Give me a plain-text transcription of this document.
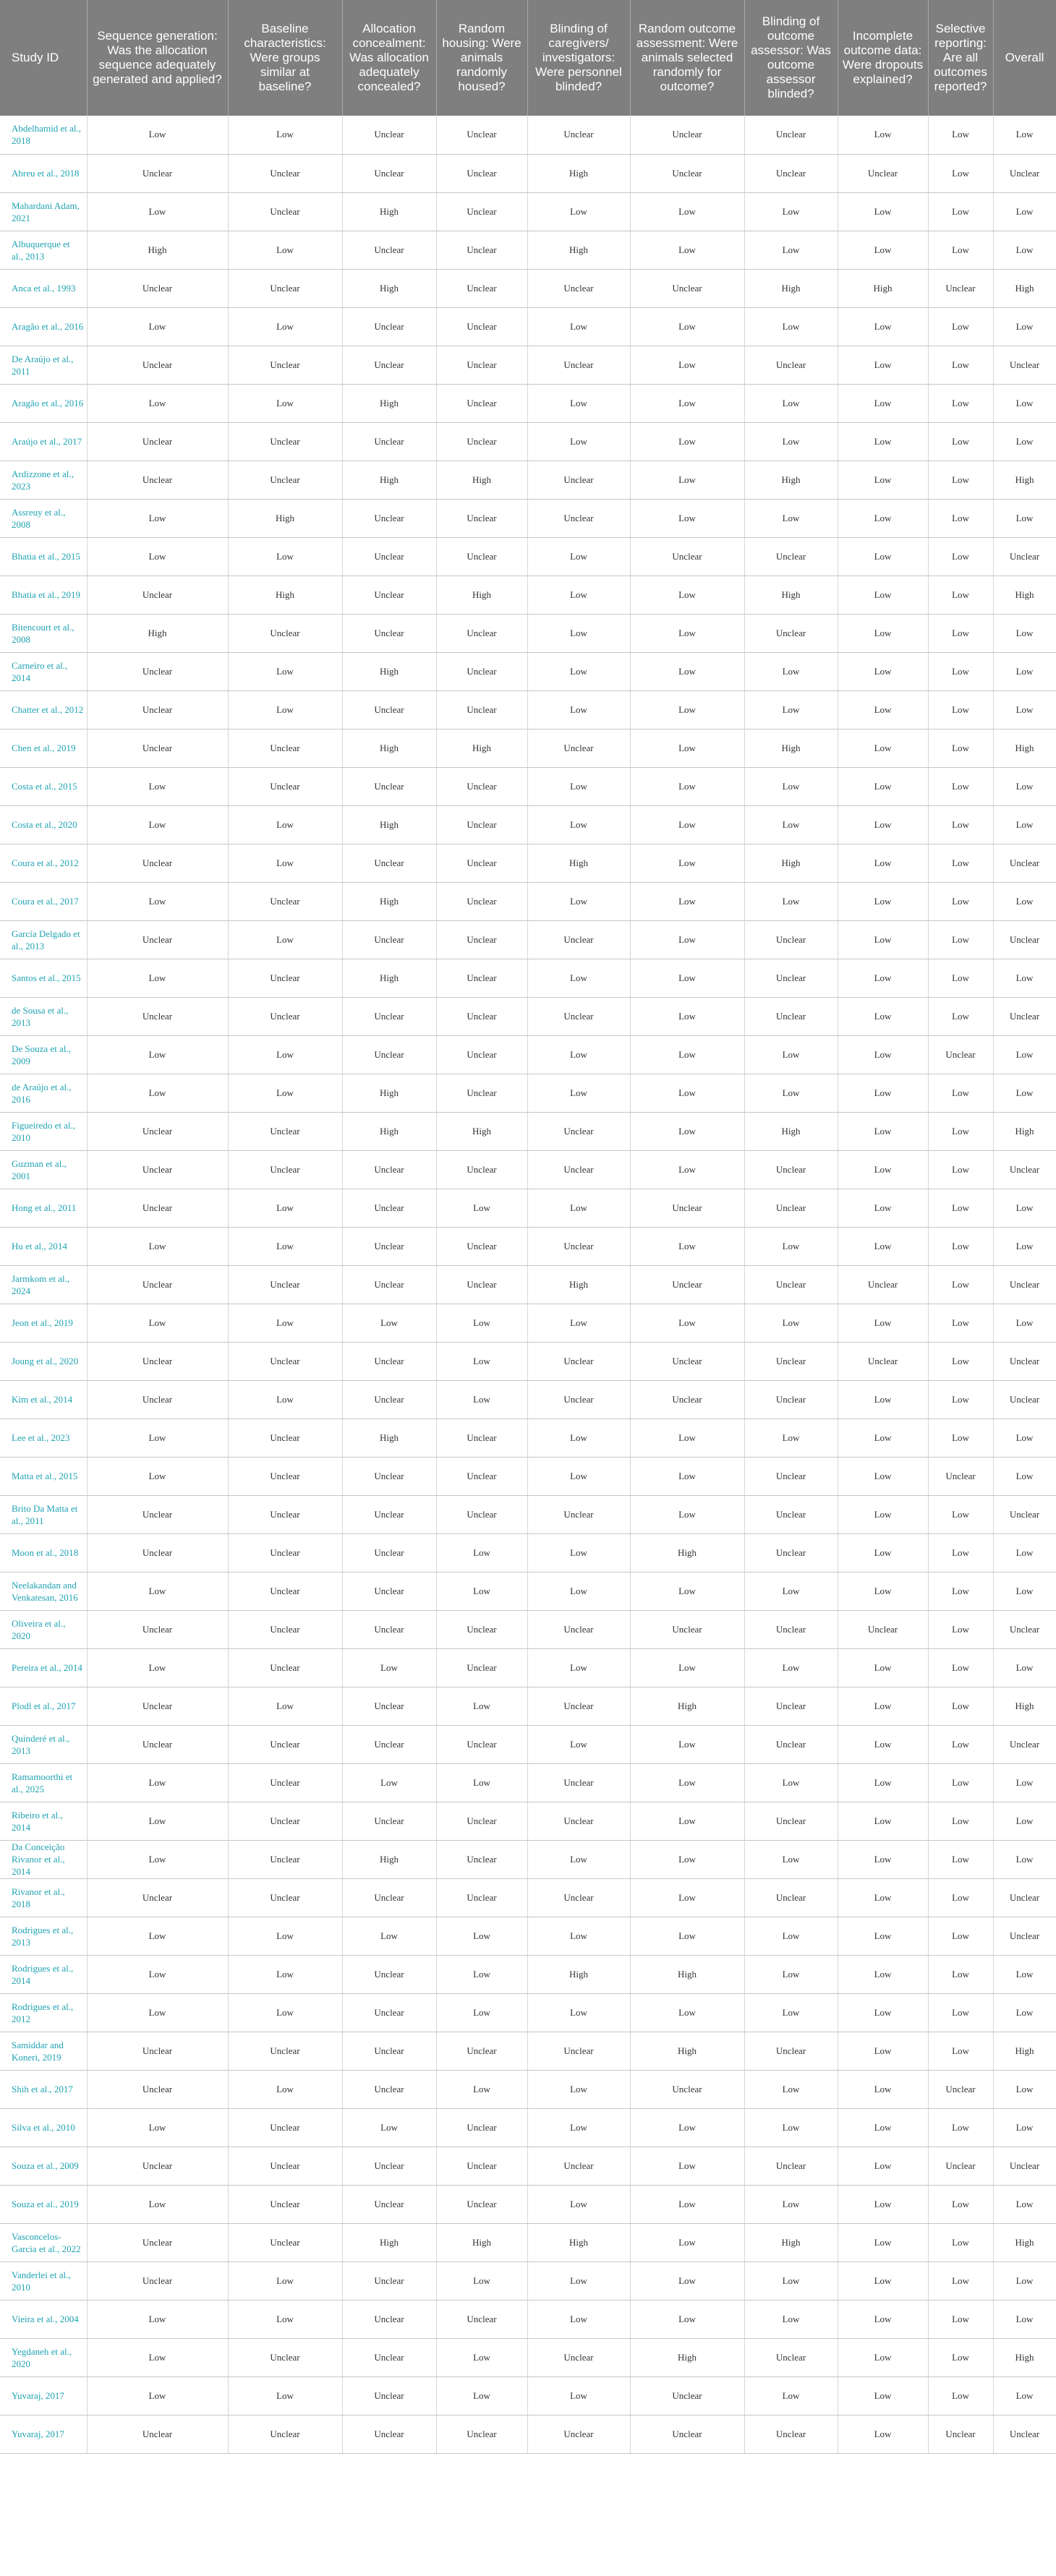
Study ID	Sequence generation: Was the allocation sequence adequately generated and applied?	Baseline characteristics: Were groups similar at baseline?	Allocation concealment: Was allocation adequately concealed?	Random housing: Were animals randomly housed?	Blinding of caregivers/ investigators: Were personnel blinded?	Random outcome assessment: Were animals selected randomly for outcome?	Blinding of outcome assessor: Was outcome assessor blinded?	Incomplete outcome data: Were dropouts explained?	Selective reporting: Are all outcomes reported?	Overall
Abdelhamid et al., 2018	Low	Low	Unclear	Unclear	Unclear	Unclear	Unclear	Low	Low	Low
Abreu et al., 2018	Unclear	Unclear	Unclear	Unclear	High	Unclear	Unclear	Unclear	Low	Unclear
Mahardani Adam, 2021	Low	Unclear	High	Unclear	Low	Low	Low	Low	Low	Low
Albuquerque et al., 2013	High	Low	Unclear	Unclear	High	Low	Low	Low	Low	Low
Anca et al., 1993	Unclear	Unclear	High	Unclear	Unclear	Unclear	High	High	Unclear	High
Aragão et al., 2016	Low	Low	Unclear	Unclear	Low	Low	Low	Low	Low	Low
De Araújo et al., 2011	Unclear	Unclear	Unclear	Unclear	Unclear	Low	Unclear	Low	Low	Unclear
Aragão et al., 2016	Low	Low	High	Unclear	Low	Low	Low	Low	Low	Low
Araújo et al., 2017	Unclear	Unclear	Unclear	Unclear	Low	Low	Low	Low	Low	Low
Ardizzone et al., 2023	Unclear	Unclear	High	High	Unclear	Low	High	Low	Low	High
Assreuy et al., 2008	Low	High	Unclear	Unclear	Unclear	Low	Low	Low	Low	Low
Bhatia et al., 2015	Low	Low	Unclear	Unclear	Low	Unclear	Unclear	Low	Low	Unclear
Bhatia et al., 2019	Unclear	High	Unclear	High	Low	Low	High	Low	Low	High
Bitencourt et al., 2008	High	Unclear	Unclear	Unclear	Low	Low	Unclear	Low	Low	Low
Carneiro et al., 2014	Unclear	Low	High	Unclear	Low	Low	Low	Low	Low	Low
Chatter et al., 2012	Unclear	Low	Unclear	Unclear	Low	Low	Low	Low	Low	Low
Chen et al., 2019	Unclear	Unclear	High	High	Unclear	Low	High	Low	Low	High
Costa et al., 2015	Low	Unclear	Unclear	Unclear	Low	Low	Low	Low	Low	Low
Costa et al., 2020	Low	Low	High	Unclear	Low	Low	Low	Low	Low	Low
Coura et al., 2012	Unclear	Low	Unclear	Unclear	High	Low	High	Low	Low	Unclear
Coura et al., 2017	Low	Unclear	High	Unclear	Low	Low	Low	Low	Low	Low
García Delgado et al., 2013	Unclear	Low	Unclear	Unclear	Unclear	Low	Unclear	Low	Low	Unclear
Santos et al., 2015	Low	Unclear	High	Unclear	Low	Low	Unclear	Low	Low	Low
de Sousa et al., 2013	Unclear	Unclear	Unclear	Unclear	Unclear	Low	Unclear	Low	Low	Unclear
De Souza et al., 2009	Low	Low	Unclear	Unclear	Low	Low	Low	Low	Unclear	Low
de Araújo et al., 2016	Low	Low	High	Unclear	Low	Low	Low	Low	Low	Low
Figueiredo et al., 2010	Unclear	Unclear	High	High	Unclear	Low	High	Low	Low	High
Guzman et al., 2001	Unclear	Unclear	Unclear	Unclear	Unclear	Low	Unclear	Low	Low	Unclear
Hong et al., 2011	Unclear	Low	Unclear	Low	Low	Unclear	Unclear	Low	Low	Low
Hu et al., 2014	Low	Low	Unclear	Unclear	Unclear	Low	Low	Low	Low	Low
Jarmkom et al., 2024	Unclear	Unclear	Unclear	Unclear	High	Unclear	Unclear	Unclear	Low	Unclear
Jeon et al., 2019	Low	Low	Low	Low	Low	Low	Low	Low	Low	Low
Joung et al., 2020	Unclear	Unclear	Unclear	Low	Unclear	Unclear	Unclear	Unclear	Low	Unclear
Kim et al., 2014	Unclear	Low	Unclear	Low	Unclear	Unclear	Unclear	Low	Low	Unclear
Lee et al., 2023	Low	Unclear	High	Unclear	Low	Low	Low	Low	Low	Low
Matta et al., 2015	Low	Unclear	Unclear	Unclear	Low	Low	Unclear	Low	Unclear	Low
Brito Da Matta et al., 2011	Unclear	Unclear	Unclear	Unclear	Unclear	Low	Unclear	Low	Low	Unclear
Moon et al., 2018	Unclear	Unclear	Unclear	Low	Low	High	Unclear	Low	Low	Low
Neelakandan and Venkatesan, 2016	Low	Unclear	Unclear	Low	Low	Low	Low	Low	Low	Low
Oliveira et al., 2020	Unclear	Unclear	Unclear	Unclear	Unclear	Unclear	Unclear	Unclear	Low	Unclear
Pereira et al., 2014	Low	Unclear	Low	Unclear	Low	Low	Low	Low	Low	Low
Plodl et al., 2017	Unclear	Low	Unclear	Low	Unclear	High	Unclear	Low	Low	High
Quinderé et al., 2013	Unclear	Unclear	Unclear	Unclear	Low	Low	Unclear	Low	Low	Unclear
Ramamoorthi et al., 2025	Low	Unclear	Low	Low	Unclear	Low	Low	Low	Low	Low
Ribeiro et al., 2014	Low	Unclear	Unclear	Unclear	Unclear	Low	Unclear	Low	Low	Low
Da Conceição Rivanor et al., 2014	Low	Unclear	High	Unclear	Low	Low	Low	Low	Low	Low
Rivanor et al., 2018	Unclear	Unclear	Unclear	Unclear	Unclear	Low	Unclear	Low	Low	Unclear
Rodrigues et al., 2013	Low	Low	Low	Low	Low	Low	Low	Low	Low	Unclear
Rodrigues et al., 2014	Low	Low	Unclear	Low	High	High	Low	Low	Low	Low
Rodrigues et al., 2012	Low	Low	Unclear	Low	Low	Low	Low	Low	Low	Low
Samiddar and Koneri, 2019	Unclear	Unclear	Unclear	Unclear	Unclear	High	Unclear	Low	Low	High
Shih et al., 2017	Unclear	Low	Unclear	Low	Low	Unclear	Low	Low	Unclear	Low
Silva et al., 2010	Low	Unclear	Low	Unclear	Low	Low	Low	Low	Low	Low
Souza et al., 2009	Unclear	Unclear	Unclear	Unclear	Unclear	Low	Unclear	Low	Unclear	Unclear
Souza et al., 2019	Low	Unclear	Unclear	Unclear	Low	Low	Low	Low	Low	Low
Vasconcelos-Garcia et al., 2022	Unclear	Unclear	High	High	High	Low	High	Low	Low	High
Vanderlei et al., 2010	Unclear	Low	Unclear	Low	Low	Low	Low	Low	Low	Low
Vieira et al., 2004	Low	Low	Unclear	Unclear	Low	Low	Low	Low	Low	Low
Yegdaneh et al., 2020	Low	Unclear	Unclear	Low	Unclear	High	Unclear	Low	Low	High
Yuvaraj, 2017	Low	Low	Unclear	Low	Low	Unclear	Low	Low	Low	Low
Yuvaraj, 2017	Unclear	Unclear	Unclear	Unclear	Unclear	Unclear	Unclear	Low	Unclear	Unclear
